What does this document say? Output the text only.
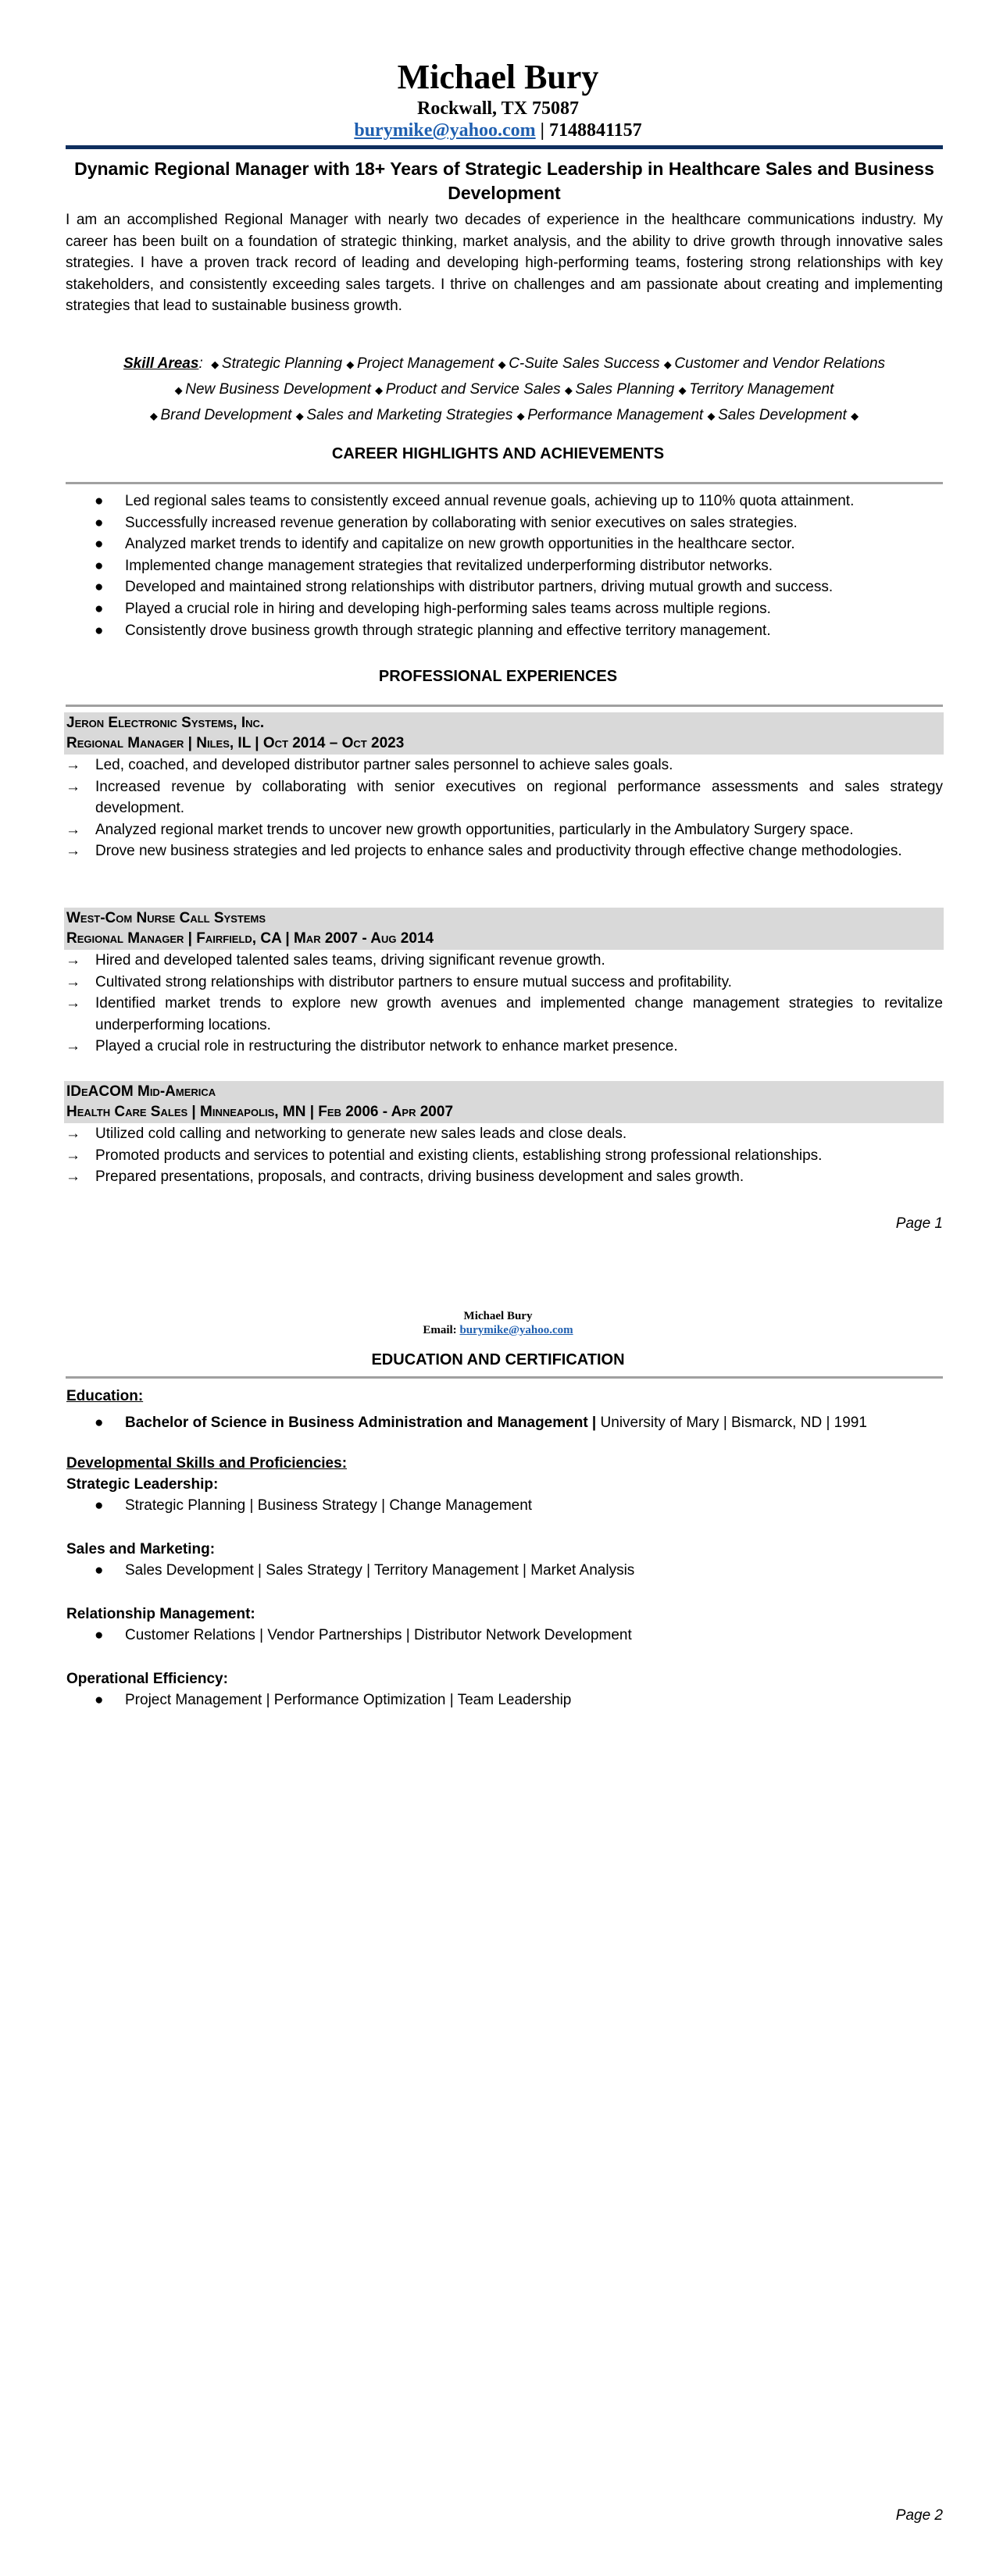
Michael Bury
Rockwall, TX 75087
burymike@yahoo.com | 7148841157
Dynamic Regional Manager with 18+ Years of Strategic Leadership in Healthcare Sales and Business Development
I am an accomplished Regional Manager with nearly two decades of experience in the healthcare communications industry. My career has been built on a foundation of strategic thinking, market analysis, and the ability to drive growth through innovative sales strategies. I have a proven track record of leading and developing high-performing teams, fostering strong relationships with key stakeholders, and consistently exceeding sales targets. I thrive on challenges and am passionate about creating and implementing strategies that lead to sustainable business growth.
Skill Areas:  ◆ Strategic Planning ◆ Project Management ◆ C-Suite Sales Success ◆ Customer and Vendor Relations
◆ New Business Development ◆ Product and Service Sales ◆ Sales Planning ◆ Territory Management
◆ Brand Development ◆ Sales and Marketing Strategies ◆ Performance Management ◆ Sales Development ◆
CAREER HIGHLIGHTS AND ACHIEVEMENTS
● Led regional sales teams to consistently exceed annual revenue goals, achieving up to 110% quota attainment.
● Successfully increased revenue generation by collaborating with senior executives on sales strategies.
● Analyzed market trends to identify and capitalize on new growth opportunities in the healthcare sector.
● Implemented change management strategies that revitalized underperforming distributor networks.
● Developed and maintained strong relationships with distributor partners, driving mutual growth and success.
● Played a crucial role in hiring and developing high-performing sales teams across multiple regions.
● Consistently drove business growth through strategic planning and effective territory management.
PROFESSIONAL EXPERIENCES
Jeron Electronic Systems, Inc.
Regional Manager | Niles, IL | Oct 2014 – Oct 2023
→ Led, coached, and developed distributor partner sales personnel to achieve sales goals.
→ Increased revenue by collaborating with senior executives on regional performance assessments and sales strategy development.
→ Analyzed regional market trends to uncover new growth opportunities, particularly in the Ambulatory Surgery space.
→ Drove new business strategies and led projects to enhance sales and productivity through effective change methodologies.
West-Com Nurse Call Systems
Regional Manager | Fairfield, CA | Mar 2007 - Aug 2014
→ Hired and developed talented sales teams, driving significant revenue growth.
→ Cultivated strong relationships with distributor partners to ensure mutual success and profitability.
→ Identified market trends to explore new growth avenues and implemented change management strategies to revitalize underperforming locations.
→ Played a crucial role in restructuring the distributor network to enhance market presence.
IDeACOM Mid-America
Health Care Sales | Minneapolis, MN | Feb 2006 - Apr 2007
→ Utilized cold calling and networking to generate new sales leads and close deals.
→ Promoted products and services to potential and existing clients, establishing strong professional relationships.
→ Prepared presentations, proposals, and contracts, driving business development and sales growth.
Page 1
Michael Bury
Email: burymike@yahoo.com
EDUCATION AND CERTIFICATION
Education:
● Bachelor of Science in Business Administration and Management | University of Mary | Bismarck, ND | 1991
Developmental Skills and Proficiencies:
Strategic Leadership:
● Strategic Planning | Business Strategy | Change Management
Sales and Marketing:
● Sales Development | Sales Strategy | Territory Management | Market Analysis
Relationship Management:
● Customer Relations | Vendor Partnerships | Distributor Network Development
Operational Efficiency:
● Project Management | Performance Optimization | Team Leadership
Page 2
